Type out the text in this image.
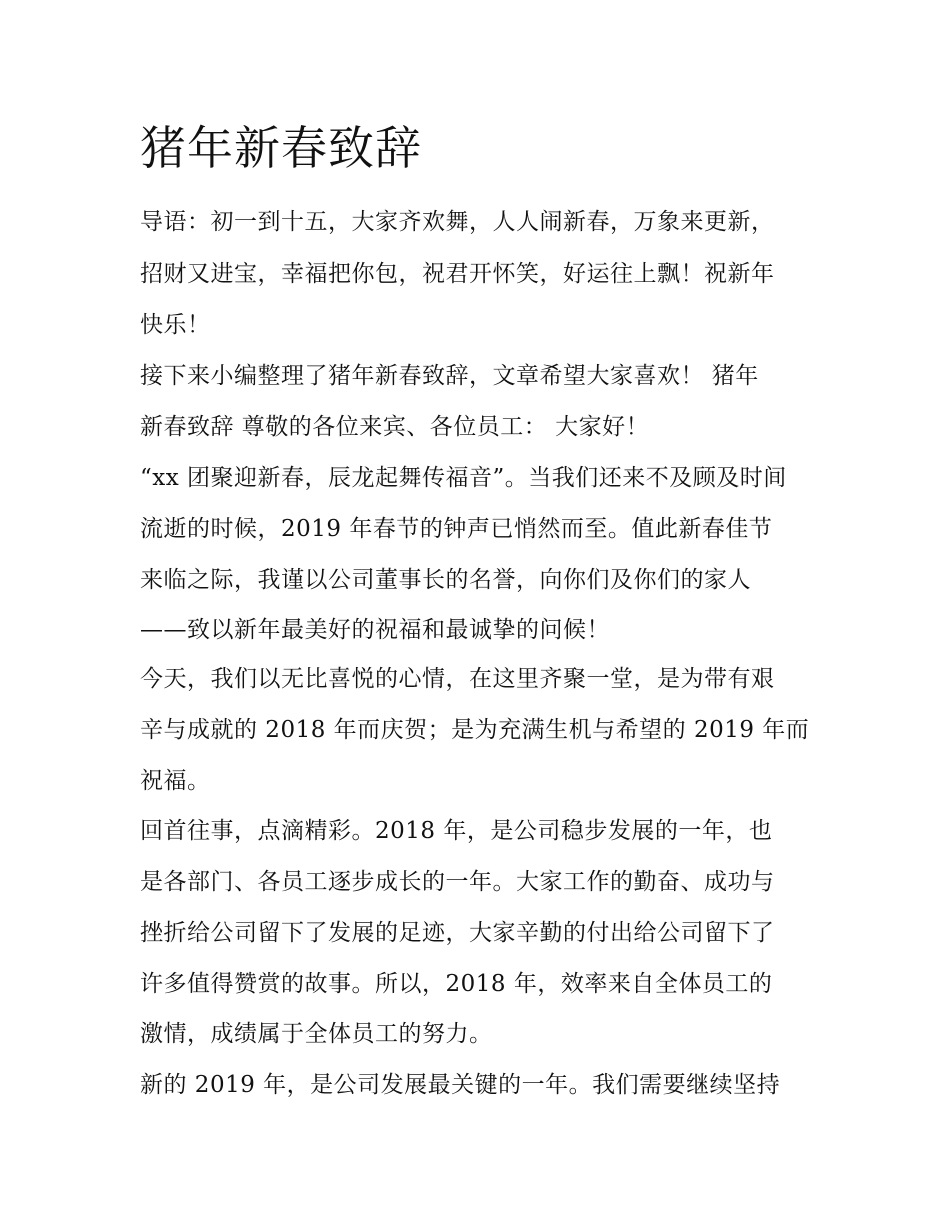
猪年新春致辞
导语：初一到十五，大家齐欢舞，人人闹新春，万象来更新，
招财又进宝，幸福把你包，祝君开怀笑，好运往上飘！祝新年
快乐！
接下来小编整理了猪年新春致辞，文章希望大家喜欢！ 猪年
新春致辞 尊敬的各位来宾、各位员工： 大家好！
“xx 团聚迎新春，辰龙起舞传福音”。当我们还来不及顾及时间
流逝的时候，2019 年春节的钟声已悄然而至。值此新春佳节
来临之际，我谨以公司董事长的名誉，向你们及你们的家人
——致以新年最美好的祝福和最诚挚的问候！
今天，我们以无比喜悦的心情，在这里齐聚一堂，是为带有艰
辛与成就的 2018 年而庆贺；是为充满生机与希望的 2019 年而
祝福。
回首往事，点滴精彩。2018 年，是公司稳步发展的一年，也
是各部门、各员工逐步成长的一年。大家工作的勤奋、成功与
挫折给公司留下了发展的足迹，大家辛勤的付出给公司留下了
许多值得赞赏的故事。所以，2018 年，效率来自全体员工的
激情，成绩属于全体员工的努力。
新的 2019 年，是公司发展最关键的一年。我们需要继续坚持
